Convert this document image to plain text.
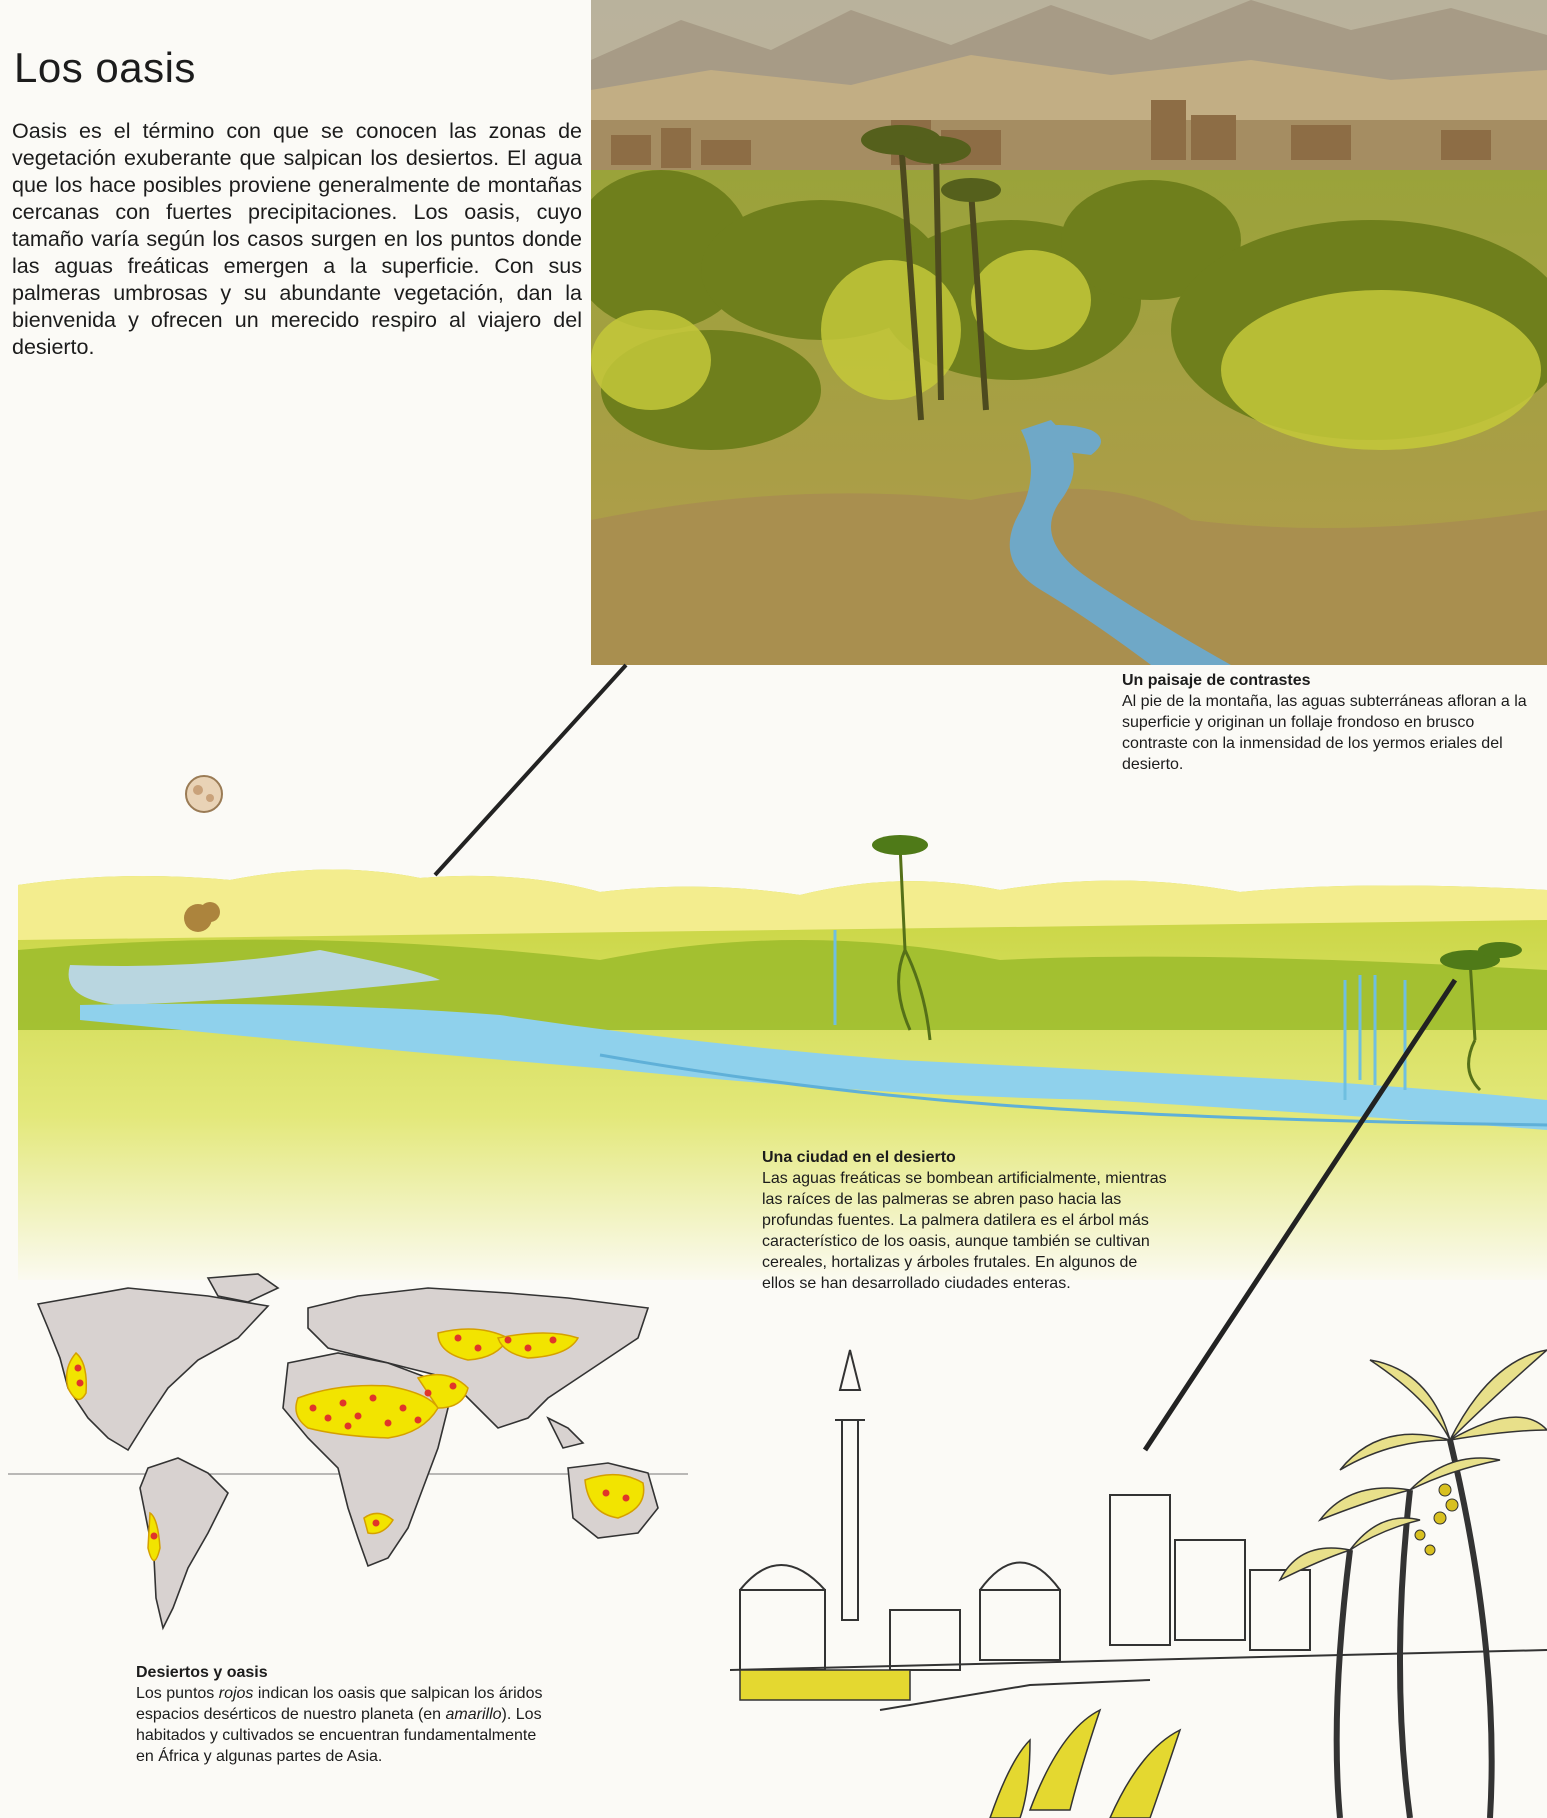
Los oasis

Oasis es el término con que se conocen las zonas de vegetación exuberante que salpican los desiertos. El agua que los hace posibles proviene generalmente de montañas cercanas con fuertes precipitaciones. Los oasis, cuyo tamaño varía según los casos surgen en los puntos donde las aguas freáticas emergen a la superficie. Con sus palmeras umbrosas y su abundante vegetación, dan la bienvenida y ofrecen un merecido respiro al viajero del desierto.

Un paisaje de contrastes
Al pie de la montaña, las aguas subterráneas afloran a la superficie y originan un follaje frondoso en brusco contraste con la inmensidad de los yermos eriales del desierto.
Una ciudad en el desierto
Las aguas freáticas se bombean artificialmente, mientras las raíces de las palmeras se abren paso hacia las profundas fuentes. La palmera datilera es el árbol más característico de los oasis, aunque también se cultivan cereales, hortalizas y árboles frutales. En algunos de ellos se han desarrollado ciudades enteras.
Desiertos y oasis
Los puntos rojos indican los oasis que salpican los áridos espacios desérticos de nuestro planeta (en amarillo). Los habitados y cultivados se encuentran fundamentalmente en África y algunas partes de Asia.
